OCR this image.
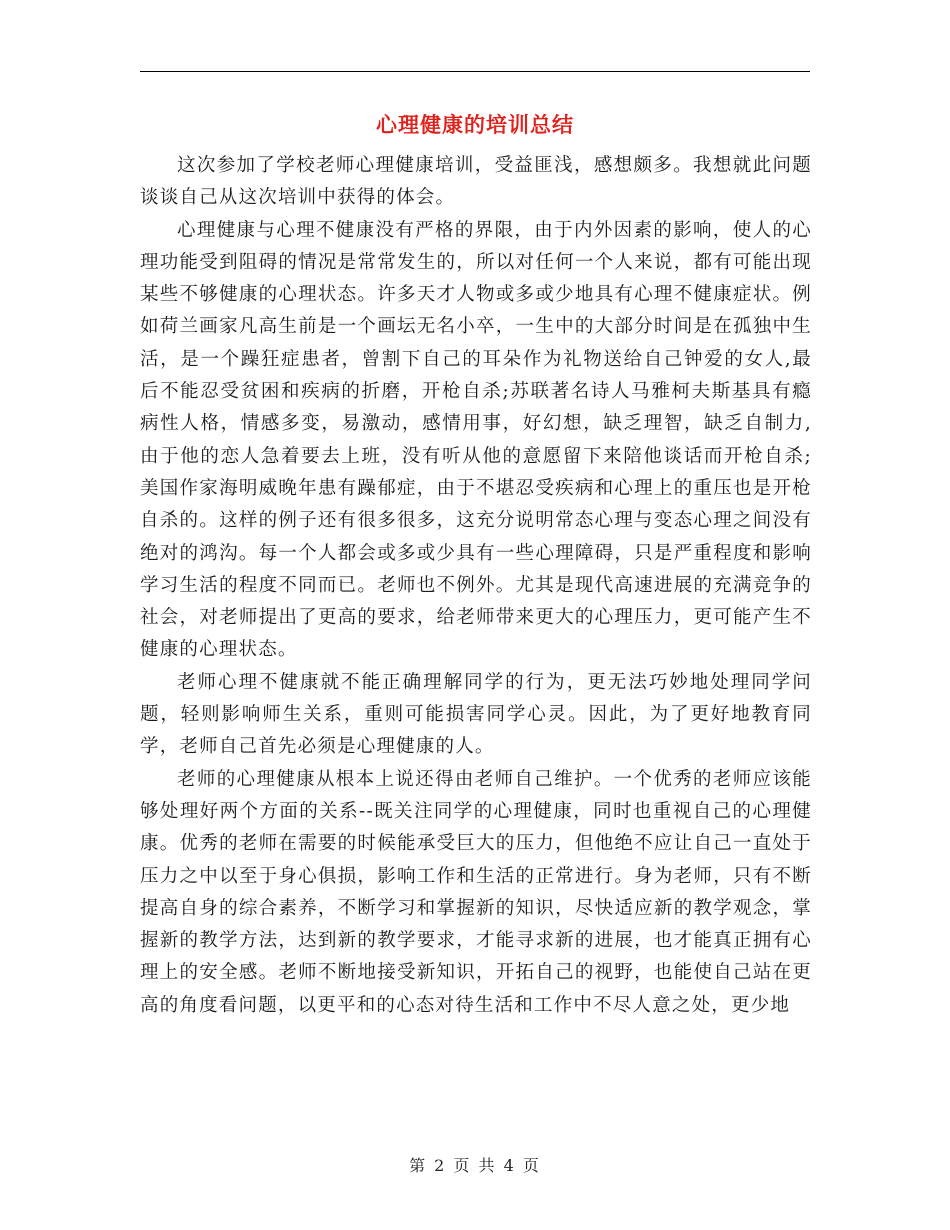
心理健康的培训总结

这次参加了学校老师心理健康培训，受益匪浅，感想颇多。我想就此问题谈谈自己从这次培训中获得的体会。

心理健康与心理不健康没有严格的界限，由于内外因素的影响，使人的心理功能受到阻碍的情况是常常发生的，所以对任何一个人来说，都有可能出现某些不够健康的心理状态。许多天才人物或多或少地具有心理不健康症状。例如荷兰画家凡高生前是一个画坛无名小卒，一生中的大部分时间是在孤独中生活，是一个躁狂症患者，曾割下自己的耳朵作为礼物送给自己钟爱的女人,最后不能忍受贫困和疾病的折磨，开枪自杀;苏联著名诗人马雅柯夫斯基具有瘾病性人格，情感多变，易激动，感情用事，好幻想，缺乏理智，缺乏自制力,由于他的恋人急着要去上班，没有听从他的意愿留下来陪他谈话而开枪自杀;美国作家海明威晚年患有躁郁症，由于不堪忍受疾病和心理上的重压也是开枪自杀的。这样的例子还有很多很多，这充分说明常态心理与变态心理之间没有绝对的鸿沟。每一个人都会或多或少具有一些心理障碍，只是严重程度和影响学习生活的程度不同而已。老师也不例外。尤其是现代高速进展的充满竞争的社会，对老师提出了更高的要求，给老师带来更大的心理压力，更可能产生不健康的心理状态。

老师心理不健康就不能正确理解同学的行为，更无法巧妙地处理同学问题，轻则影响师生关系，重则可能损害同学心灵。因此，为了更好地教育同学，老师自己首先必须是心理健康的人。

老师的心理健康从根本上说还得由老师自己维护。一个优秀的老师应该能够处理好两个方面的关系--既关注同学的心理健康，同时也重视自己的心理健康。优秀的老师在需要的时候能承受巨大的压力，但他绝不应让自己一直处于压力之中以至于身心俱损，影响工作和生活的正常进行。身为老师，只有不断提高自身的综合素养，不断学习和掌握新的知识，尽快适应新的教学观念，掌握新的教学方法，达到新的教学要求，才能寻求新的进展，也才能真正拥有心理上的安全感。老师不断地接受新知识，开拓自己的视野，也能使自己站在更高的角度看问题，以更平和的心态对待生活和工作中不尽人意之处，更少地

第 2 页 共 4 页
